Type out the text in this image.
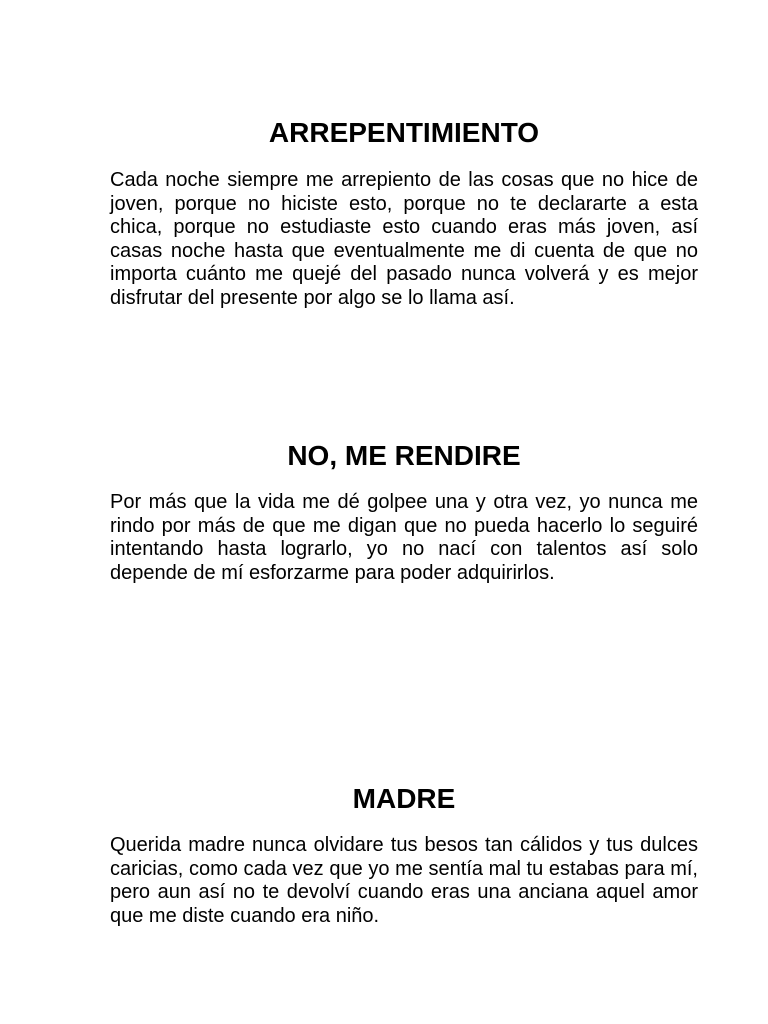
ARREPENTIMIENTO

Cada noche siempre me arrepiento de las cosas que no hice de joven, porque no hiciste esto, porque no te declararte a esta chica, porque no estudiaste esto cuando eras más joven, así casas noche hasta que eventualmente me di cuenta de que no importa cuánto me quejé del pasado nunca volverá y es mejor disfrutar del presente por algo se lo llama así.

NO, ME RENDIRE

Por más que la vida me dé golpee una y otra vez, yo nunca me rindo por más de que me digan que no pueda hacerlo lo seguiré intentando hasta lograrlo, yo no nací con talentos así solo depende de mí esforzarme para poder adquirirlos.

MADRE

Querida madre nunca olvidare tus besos tan cálidos y tus dulces caricias, como cada vez que yo me sentía mal tu estabas para mí, pero aun así no te devolví cuando eras una anciana aquel amor que me diste cuando era niño.
